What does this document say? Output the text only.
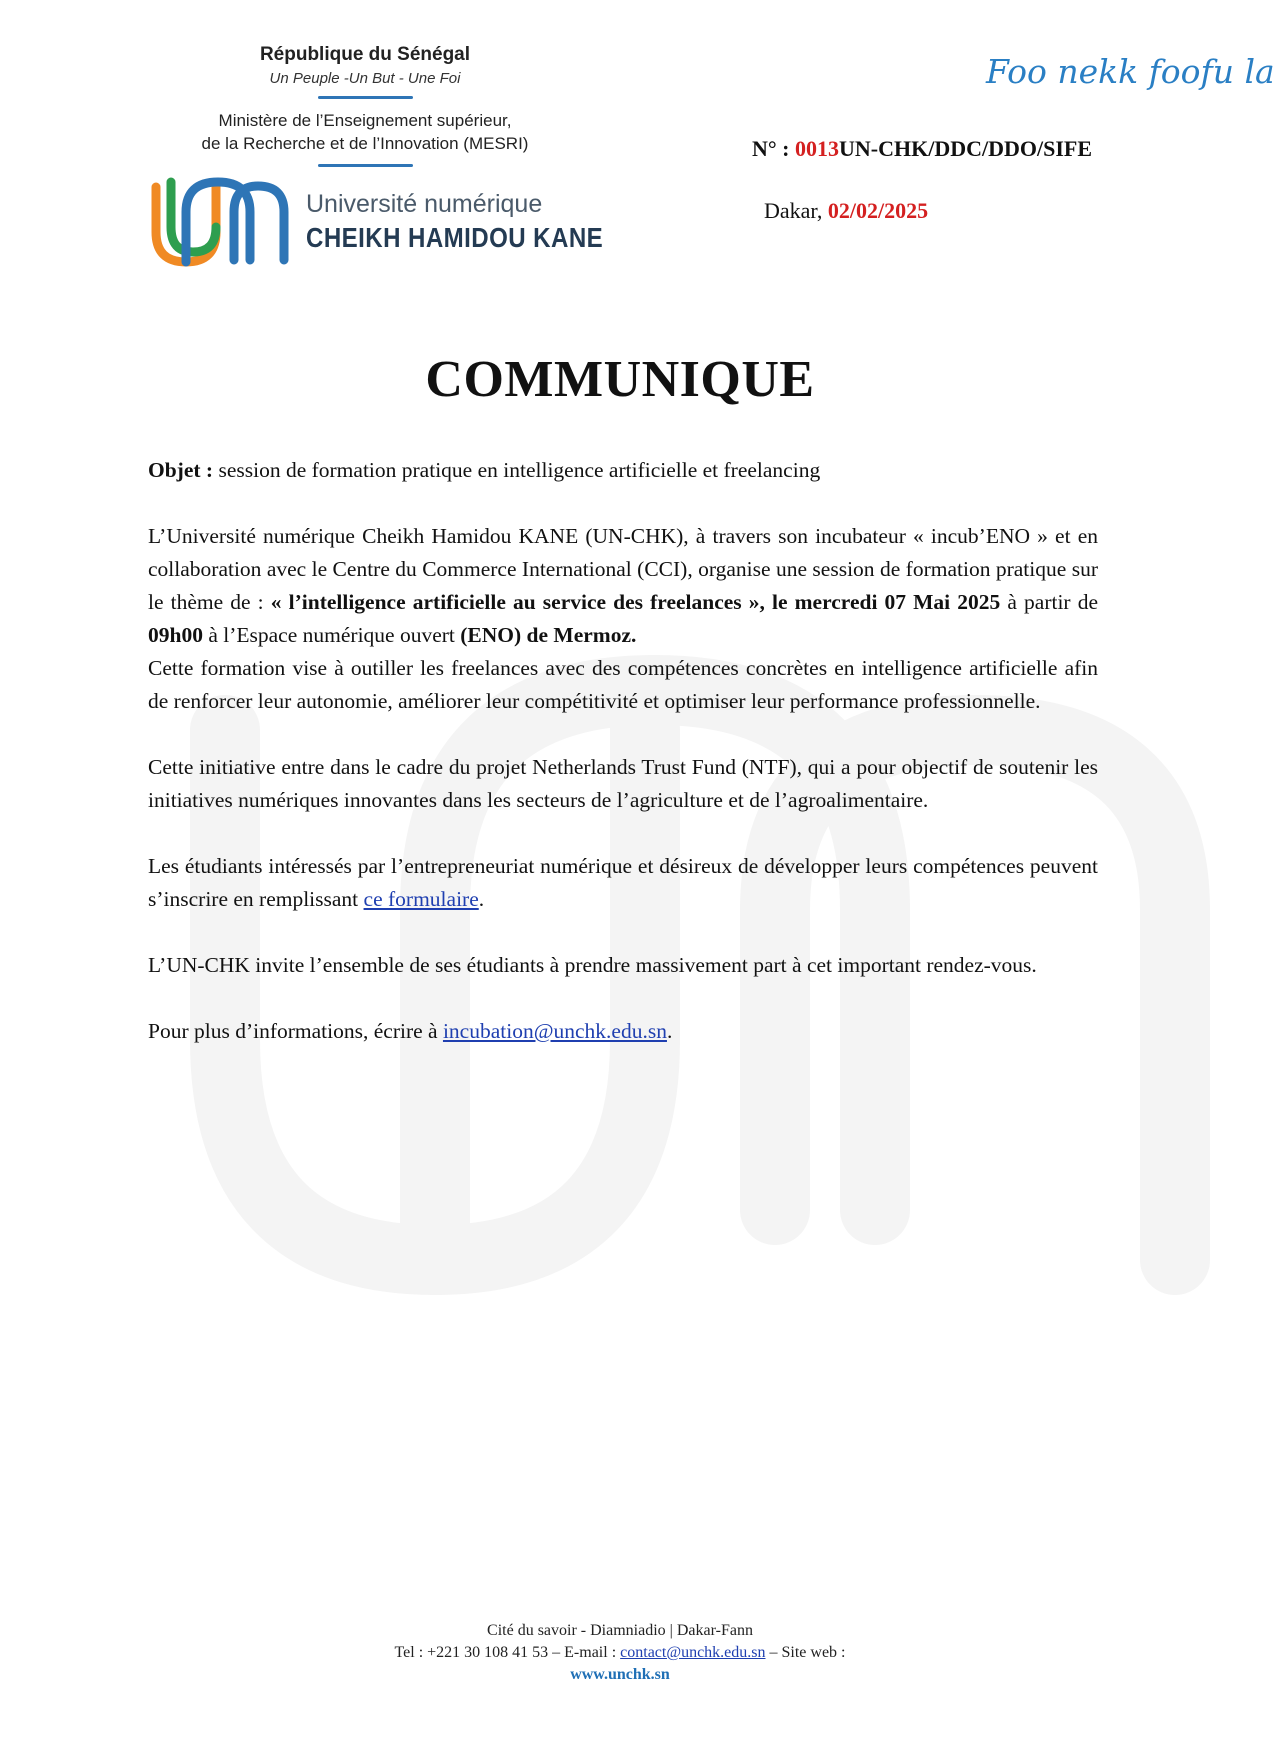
République du Sénégal
Un Peuple -Un But - Une Foi
Ministère de l’Enseignement supérieur,
de la Recherche et de l’Innovation (MESRI)
Université numérique
CHEIKH HAMIDOU KANE
Foo nekk foofu la
N° : 0013UN-CHK/DDC/DDO/SIFE
Dakar, 02/02/2025
COMMUNIQUE

Objet : session de formation pratique en intelligence artificielle et freelancing

L’Université numérique Cheikh Hamidou KANE (UN-CHK), à travers son incubateur « incub’ENO » et en collaboration avec le Centre du Commerce International (CCI), organise une session de formation pratique sur le thème de : « l’intelligence artificielle au service des freelances », le mercredi 07 Mai 2025 à partir de 09h00 à l’Espace numérique ouvert (ENO) de Mermoz.

Cette formation vise à outiller les freelances avec des compétences concrètes en intelligence artificielle afin de renforcer leur autonomie, améliorer leur compétitivité et optimiser leur performance professionnelle.

Cette initiative entre dans le cadre du projet Netherlands Trust Fund (NTF), qui a pour objectif de soutenir les initiatives numériques innovantes dans les secteurs de l’agriculture et de l’agroalimentaire.

Les étudiants intéressés par l’entrepreneuriat numérique et désireux de développer leurs compétences peuvent s’inscrire en remplissant ce formulaire.

L’UN-CHK invite l’ensemble de ses étudiants à prendre massivement part à cet important rendez-vous.

Pour plus d’informations, écrire à incubation@unchk.edu.sn.

Cité du savoir - Diamniadio | Dakar-Fann
Tel : +221 30 108 41 53 – E-mail : contact@unchk.edu.sn – Site web :
www.unchk.sn
